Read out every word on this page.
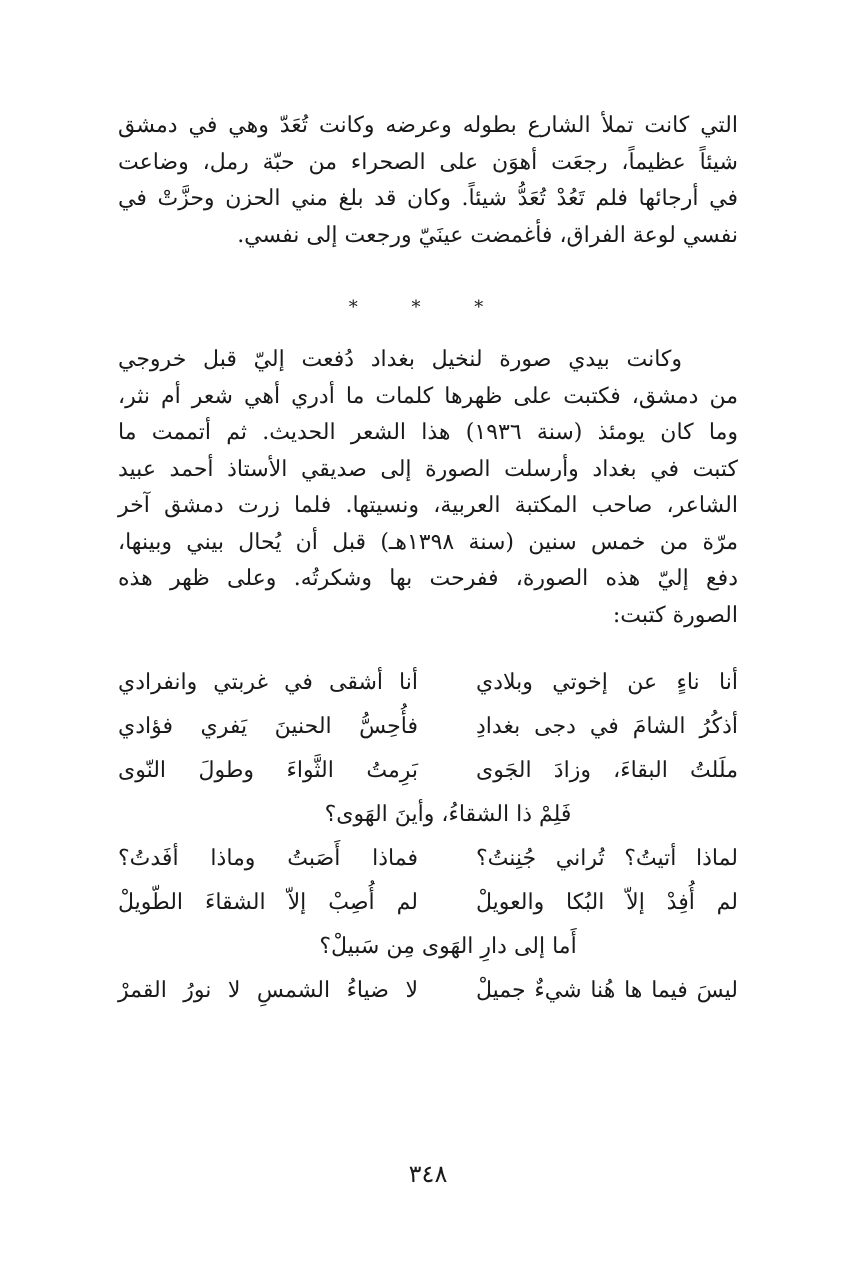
التي كانت تملأ الشارع بطوله وعرضه وكانت تُعَدّ وهي في دمشق
شيئاً عظيماً، رجعَت أهوَن على الصحراء من حبّة رمل، وضاعت
في أرجائها فلم تَعُدْ تُعَدُّ شيئاً. وكان قد بلغ مني الحزن وحزَّتْ في
نفسي لوعة الفراق، فأغمضت عينَيّ ورجعت إلى نفسي.
* * *
وكانت بيدي صورة لنخيل بغداد دُفعت إليّ قبل خروجي
من دمشق، فكتبت على ظهرها كلمات ما أدري أهي شعر أم نثر،
وما كان يومئذ (سنة ١٩٣٦) هذا الشعر الحديث. ثم أتممت ما
كتبت في بغداد وأرسلت الصورة إلى صديقي الأستاذ أحمد عبيد
الشاعر، صاحب المكتبة العربية، ونسيتها. فلما زرت دمشق آخر
مرّة من خمس سنين (سنة ١٣٩٨هـ) قبل أن يُحال بيني وبينها،
دفع إليّ هذه الصورة، ففرحت بها وشكرتُه. وعلى ظهر هذه
الصورة كتبت:
أنا ناءٍ عن إخوتي وبلادي
أنا أشقى في غربتي وانفرادي
أذكُرُ الشامَ في دجى بغدادِ
فأُحِسُّ الحنينَ يَفري فؤادي
ملَلتُ البقاءَ، وزادَ الجَوى
بَرِمتُ الثَّواءَ وطولَ النّوى
فَلِمْ ذا الشقاءُ، وأينَ الهَوى؟
لماذا أتيتُ؟ تُراني جُنِنتُ؟
فماذا أَصَبتُ وماذا أفَدتُ؟
لم أُفِدْ إلاّ البُكا والعويلْ
لم أُصِبْ إلاّ الشقاءَ الطّويلْ
أَما إلى دارِ الهَوى مِن سَبيلْ؟
ليسَ فيما ها هُنا شيءٌ جميلْ
لا ضياءُ الشمسِ لا نورُ القمرْ
٣٤٨
